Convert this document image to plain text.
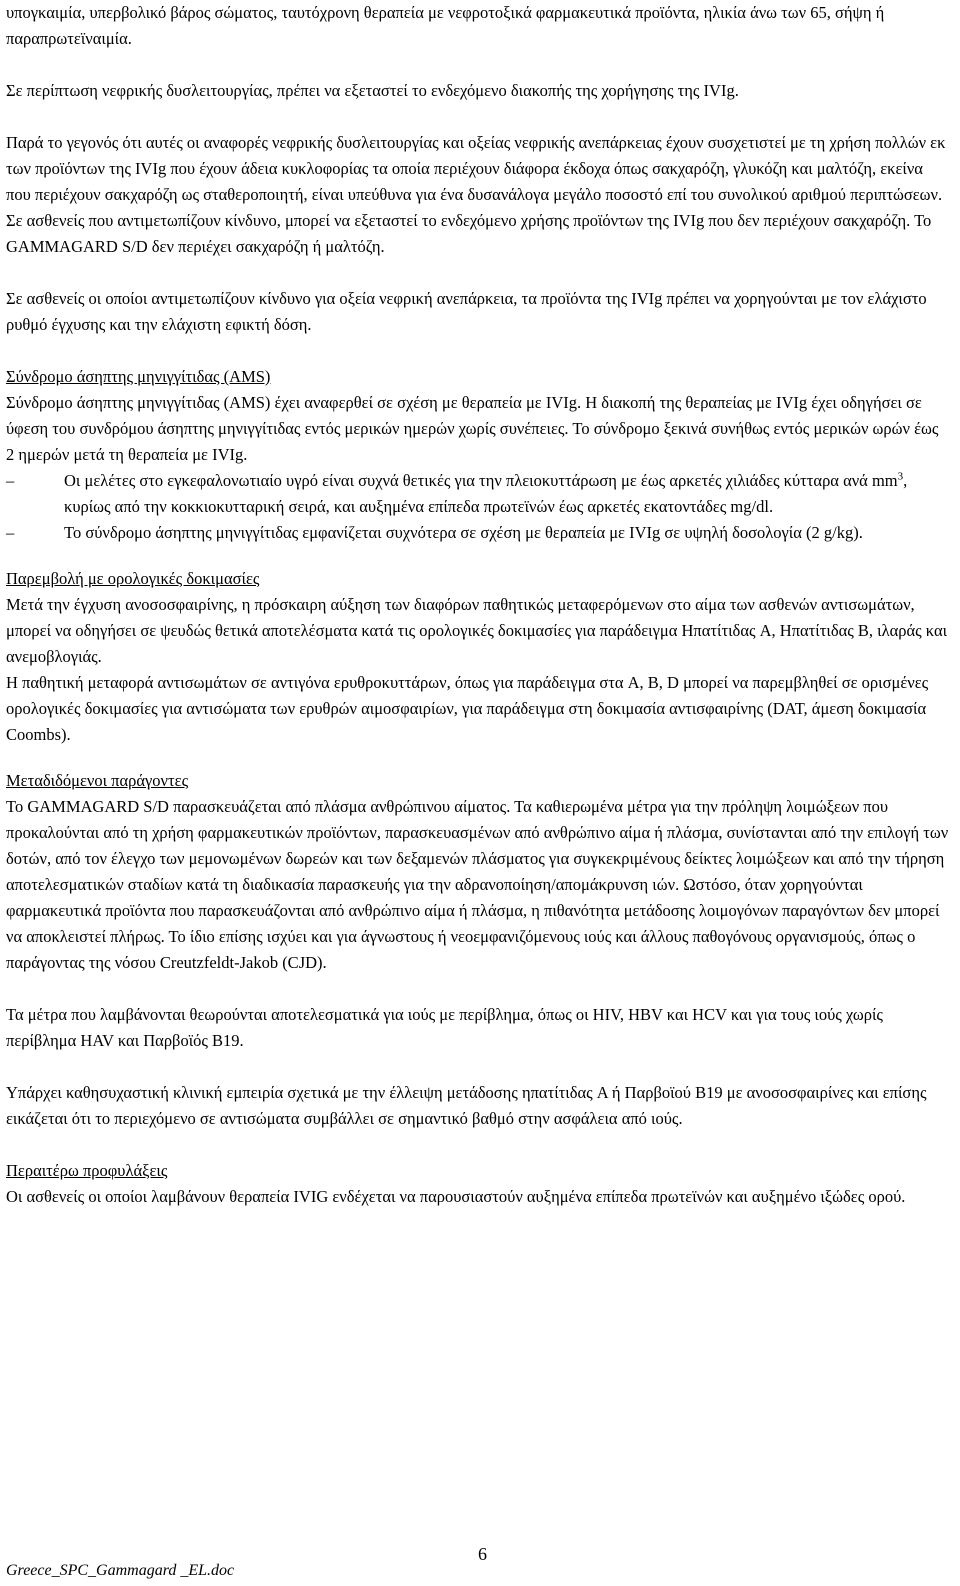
υπογκαιμία, υπερβολικό βάρος σώματος, ταυτόχρονη θεραπεία με νεφροτοξικά φαρμακευτικά προϊόντα, ηλικία άνω των 65, σήψη ή παραπρωτεϊναιμία.

Σε περίπτωση νεφρικής δυσλειτουργίας, πρέπει να εξεταστεί το ενδεχόμενο διακοπής της χορήγησης της IVIg.

Παρά το γεγονός ότι αυτές οι αναφορές νεφρικής δυσλειτουργίας και οξείας νεφρικής ανεπάρκειας έχουν συσχετιστεί με τη χρήση πολλών εκ των προϊόντων της IVIg που έχουν άδεια κυκλοφορίας τα οποία περιέχουν διάφορα έκδοχα όπως σακχαρόζη, γλυκόζη και μαλτόζη, εκείνα που περιέχουν σακχαρόζη ως σταθεροποιητή, είναι υπεύθυνα για ένα δυσανάλογα μεγάλο ποσοστό επί του συνολικού αριθμού περιπτώσεων. Σε ασθενείς που αντιμετωπίζουν κίνδυνο, μπορεί να εξεταστεί το ενδεχόμενο χρήσης προϊόντων της IVIg που δεν περιέχουν σακχαρόζη. Το GAMMAGARD S/D δεν περιέχει σακχαρόζη ή μαλτόζη.

Σε ασθενείς οι οποίοι αντιμετωπίζουν κίνδυνο για οξεία νεφρική ανεπάρκεια, τα προϊόντα της IVIg πρέπει να χορηγούνται με τον ελάχιστο ρυθμό έγχυσης και την ελάχιστη εφικτή δόση.

Σύνδρομο άσηπτης μηνιγγίτιδας (AMS)

Σύνδρομο άσηπτης μηνιγγίτιδας (AMS) έχει αναφερθεί σε σχέση με θεραπεία με IVIg. Η διακοπή της θεραπείας με IVIg έχει οδηγήσει σε ύφεση του συνδρόμου άσηπτης μηνιγγίτιδας εντός μερικών ημερών χωρίς συνέπειες. Το σύνδρομο ξεκινά συνήθως εντός μερικών ωρών έως 2 ημερών μετά τη θεραπεία με IVIg.

–	Οι μελέτες στο εγκεφαλονωτιαίο υγρό είναι συχνά θετικές για την πλειοκυττάρωση με έως αρκετές χιλιάδες κύτταρα ανά $mm^3$, κυρίως από την κοκκιοκυτταρική σειρά, και αυξημένα επίπεδα πρωτεϊνών έως αρκετές εκατοντάδες mg/dl.
–	Το σύνδρομο άσηπτης μηνιγγίτιδας εμφανίζεται συχνότερα σε σχέση με θεραπεία με IVIg σε υψηλή δοσολογία (2 g/kg).

Παρεμβολή με ορολογικές δοκιμασίες

Μετά την έγχυση ανοσοσφαιρίνης, η πρόσκαιρη αύξηση των διαφόρων παθητικώς μεταφερόμενων στο αίμα των ασθενών αντισωμάτων, μπορεί να οδηγήσει σε ψευδώς θετικά αποτελέσματα κατά τις ορολογικές δοκιμασίες για παράδειγμα Ηπατίτιδας A, Ηπατίτιδας B, ιλαράς και ανεμοβλογιάς.

Η παθητική μεταφορά αντισωμάτων σε αντιγόνα ερυθροκυττάρων, όπως για παράδειγμα στα A, B, D μπορεί να παρεμβληθεί σε ορισμένες ορολογικές δοκιμασίες για αντισώματα των ερυθρών αιμοσφαιρίων, για παράδειγμα στη δοκιμασία αντισφαιρίνης (DAT, άμεση δοκιμασία Coombs).

Μεταδιδόμενοι παράγοντες

Το GAMMAGARD S/D παρασκευάζεται από πλάσμα ανθρώπινου αίματος. Τα καθιερωμένα μέτρα για την πρόληψη λοιμώξεων που προκαλούνται από τη χρήση φαρμακευτικών προϊόντων, παρασκευασμένων από ανθρώπινο αίμα ή πλάσμα, συνίστανται από την επιλογή των δοτών, από τον έλεγχο των μεμονωμένων δωρεών και των δεξαμενών πλάσματος για συγκεκριμένους δείκτες λοιμώξεων και από την τήρηση αποτελεσματικών σταδίων κατά τη διαδικασία παρασκευής για την αδρανοποίηση/απομάκρυνση ιών. Ωστόσο, όταν χορηγούνται φαρμακευτικά προϊόντα που παρασκευάζονται από ανθρώπινο αίμα ή πλάσμα, η πιθανότητα μετάδοσης λοιμογόνων παραγόντων δεν μπορεί να αποκλειστεί πλήρως. Το ίδιο επίσης ισχύει και για άγνωστους ή νεοεμφανιζόμενους ιούς και άλλους παθογόνους οργανισμούς, όπως ο παράγοντας της νόσου Creutzfeldt-Jakob (CJD).

Τα μέτρα που λαμβάνονται θεωρούνται αποτελεσματικά για ιούς με περίβλημα, όπως οι HIV, HBV και HCV και για τους ιούς χωρίς περίβλημα HAV και Παρβοϊός B19.

Υπάρχει καθησυχαστική κλινική εμπειρία σχετικά με την έλλειψη μετάδοσης ηπατίτιδας A ή Παρβοϊού B19 με ανοσοσφαιρίνες και επίσης εικάζεται ότι το περιεχόμενο σε αντισώματα συμβάλλει σε σημαντικό βαθμό στην ασφάλεια από ιούς.

Περαιτέρω προφυλάξεις

Οι ασθενείς οι οποίοι λαμβάνουν θεραπεία IVIG ενδέχεται να παρουσιαστούν αυξημένα επίπεδα πρωτεϊνών και αυξημένο ιξώδες ορού.

6
Greece_SPC_Gammagard _EL.doc
